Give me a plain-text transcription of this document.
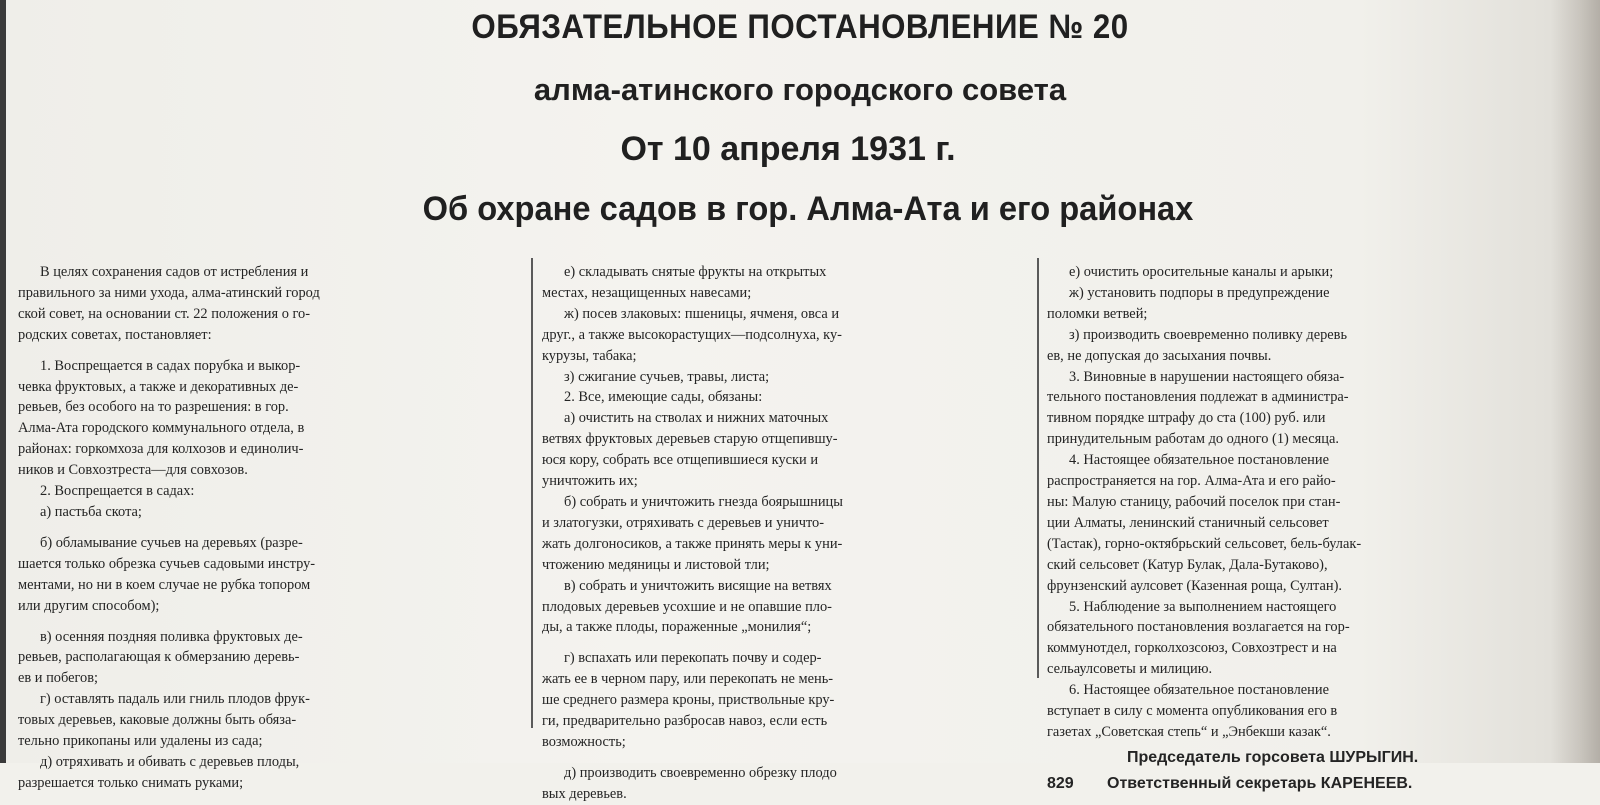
ОБЯЗАТЕЛЬНОЕ ПОСТАНОВЛЕНИЕ № 20
алма-атинского городского совета
От 10 апреля 1931 г.
Об охране садов в гор. Алма-Ата и его районах

В целях сохранения садов от истребления и

правильного за ними ухода, алма-атинский город

ской совет, на основании ст. 22 положения о го-

родских советах, постановляет:

1. Воспрещается в садах порубка и выкор-

чевка фруктовых, а также и декоративных де-

ревьев, без особого на то разрешения: в гор.

Алма-Ата городского коммунального отдела, в

районах: горкомхоза для колхозов и единолич-

ников и Совхозтреста—для совхозов.

2. Воспрещается в садах:

а) пастьба скота;

б) обламывание сучьев на деревьях (разре-

шается только обрезка сучьев садовыми инстру-

ментами, но ни в коем случае не рубка топором

или другим способом);

в) осенняя поздняя поливка фруктовых де-

ревьев, располагающая к обмерзанию деревь-

ев и побегов;

г) оставлять падаль или гниль плодов фрук-

товых деревьев, каковые должны быть обяза-

тельно прикопаны или удалены из сада;

д) отряхивать и обивать с деревьев плоды,

разрешается только снимать руками;

е) складывать снятые фрукты на открытых

местах, незащищенных навесами;

ж) посев злаковых: пшеницы, ячменя, овса и

друг., а также высокорастущих—подсолнуха, ку-

курузы, табака;

з) сжигание сучьев, травы, листа;

2. Все, имеющие сады, обязаны:

а) очистить на стволах и нижних маточных

ветвях фруктовых деревьев старую отщепившу-

юся кору, собрать все отщепившиеся куски и

уничтожить их;

б) собрать и уничтожить гнезда боярышницы

и златогузки, отряхивать с деревьев и уничто-

жать долгоносиков, а также принять меры к уни-

чтожению медяницы и листовой тли;

в) собрать и уничтожить висящие на ветвях

плодовых деревьев усохшие и не опавшие пло-

ды, а также плоды, пораженные „монилия“;

г) вспахать или перекопать почву и содер-

жать ее в черном пару, или перекопать не мень-

ше среднего размера кроны, приствольные кру-

ги, предварительно разбросав навоз, если есть

возможность;

д) производить своевременно обрезку плодо

вых деревьев.

е) очистить оросительные каналы и арыки;

ж) установить подпоры в предупреждение

поломки ветвей;

з) производить своевременно поливку деревь

ев, не допуская до засыхания почвы.

3. Виновные в нарушении настоящего обяза-

тельного постановления подлежат в администра-

тивном порядке штрафу до ста (100) руб. или

принудительным работам до одного (1) месяца.

4. Настоящее обязательное постановление

распространяется на гор. Алма-Ата и его райо-

ны: Малую станицу, рабочий поселок при стан-

ции Алматы, ленинский станичный сельсовет

(Тастак), горно-октябрьский сельсовет, бель-булак-

ский сельсовет (Катур Булак, Дала-Бутаково),

фрунзенский аулсовет (Казенная роща, Султан).

5. Наблюдение за выполнением настоящего

обязательного постановления возлагается на гор-

коммунотдел, горколхозсоюз, Совхозтрест и на

сельаулсоветы и милицию.

6. Настоящее обязательное постановление

вступает в силу с момента опубликования его в

газетах „Советская степь“ и „Энбекши казак“.

Председатель горсовета ШУРЫГИН.

829 Ответственный секретарь КАРЕНЕЕВ.
